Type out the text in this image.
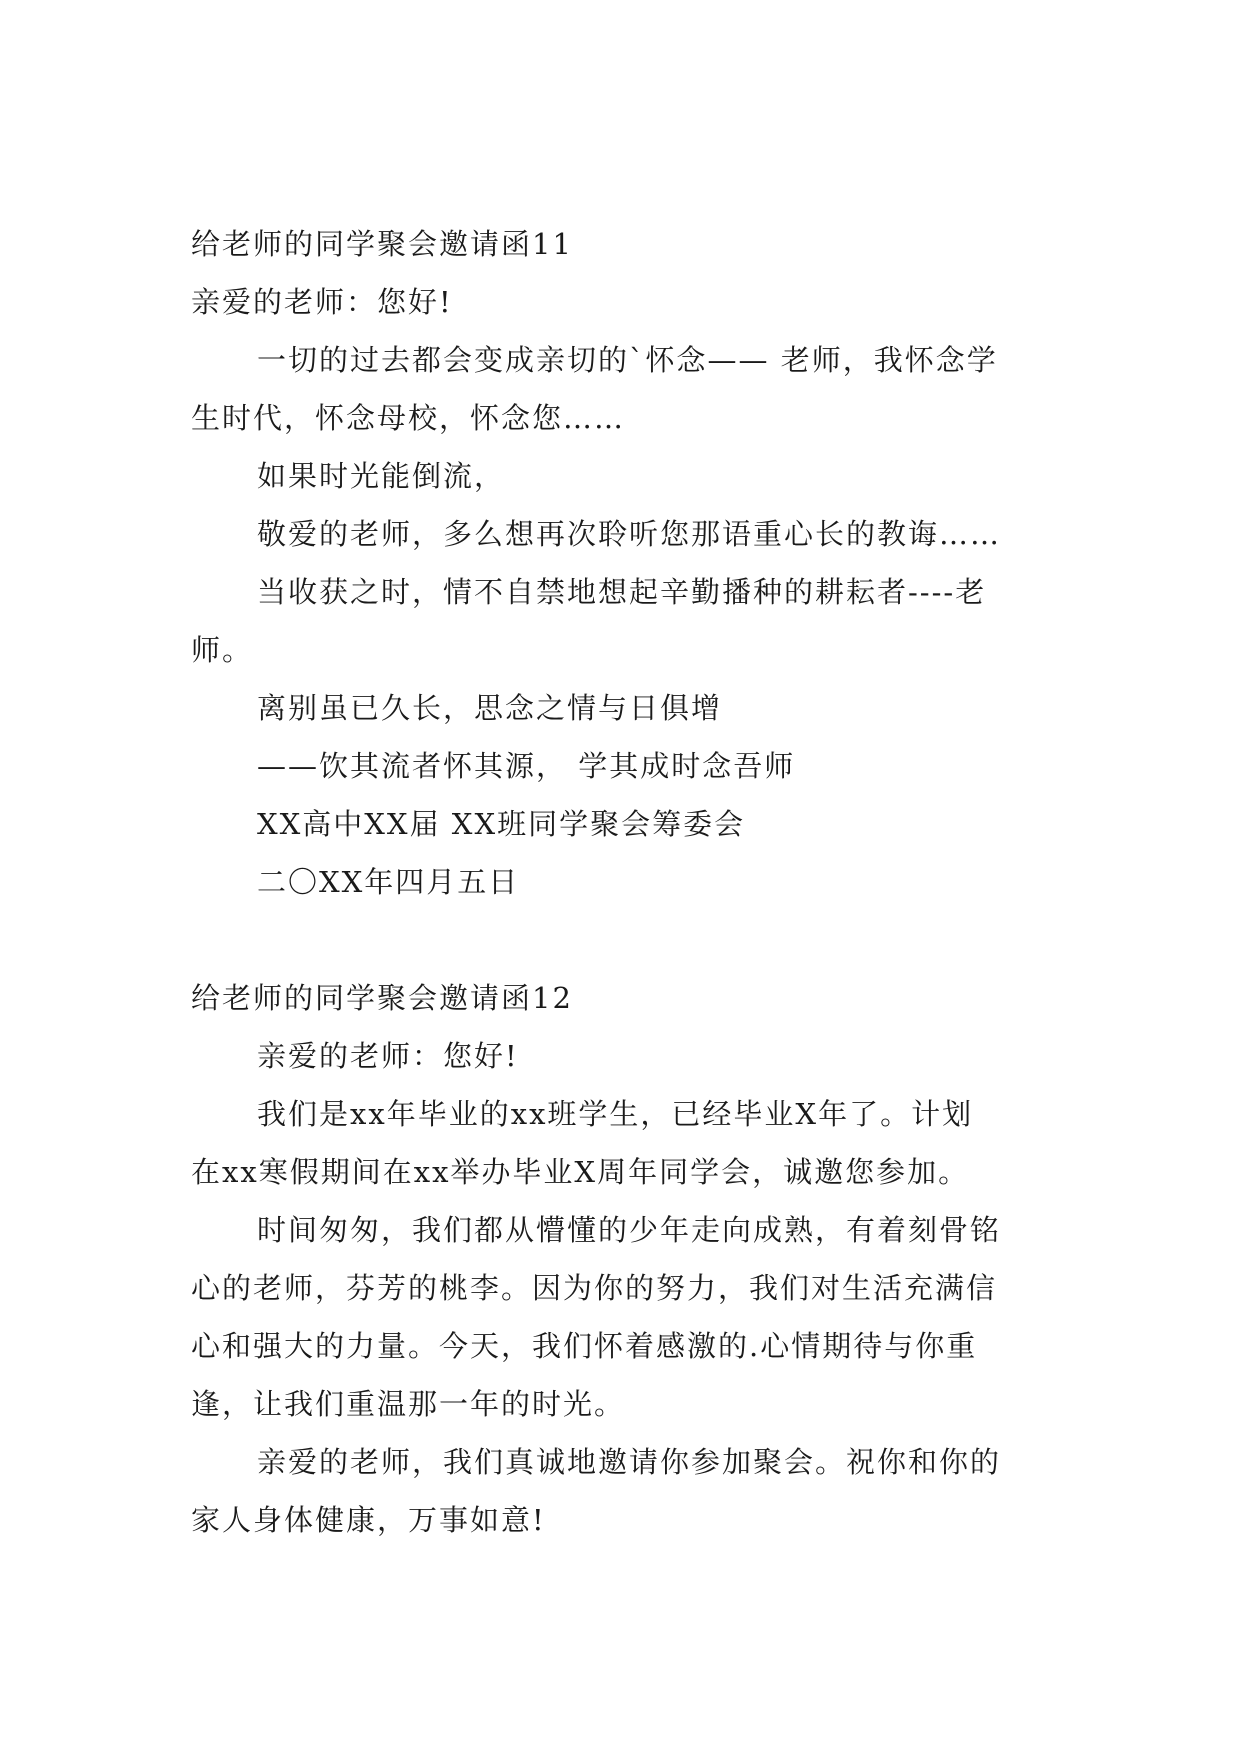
给老师的同学聚会邀请函11
亲爱的老师：您好!
一切的过去都会变成亲切的`怀念—— 老师，我怀念学
生时代，怀念母校，怀念您……
如果时光能倒流，
敬爱的老师，多么想再次聆听您那语重心长的教诲……
当收获之时，情不自禁地想起辛勤播种的耕耘者----老
师。
离别虽已久长，思念之情与日俱增
——饮其流者怀其源， 学其成时念吾师
XX高中XX届 XX班同学聚会筹委会
二〇XX年四月五日
给老师的同学聚会邀请函12
亲爱的老师：您好!
我们是xx年毕业的xx班学生，已经毕业X年了。计划
在xx寒假期间在xx举办毕业X周年同学会，诚邀您参加。
时间匆匆，我们都从懵懂的少年走向成熟，有着刻骨铭
心的老师，芬芳的桃李。因为你的努力，我们对生活充满信
心和强大的力量。今天，我们怀着感激的.心情期待与你重
逢，让我们重温那一年的时光。
亲爱的老师，我们真诚地邀请你参加聚会。祝你和你的
家人身体健康，万事如意!
